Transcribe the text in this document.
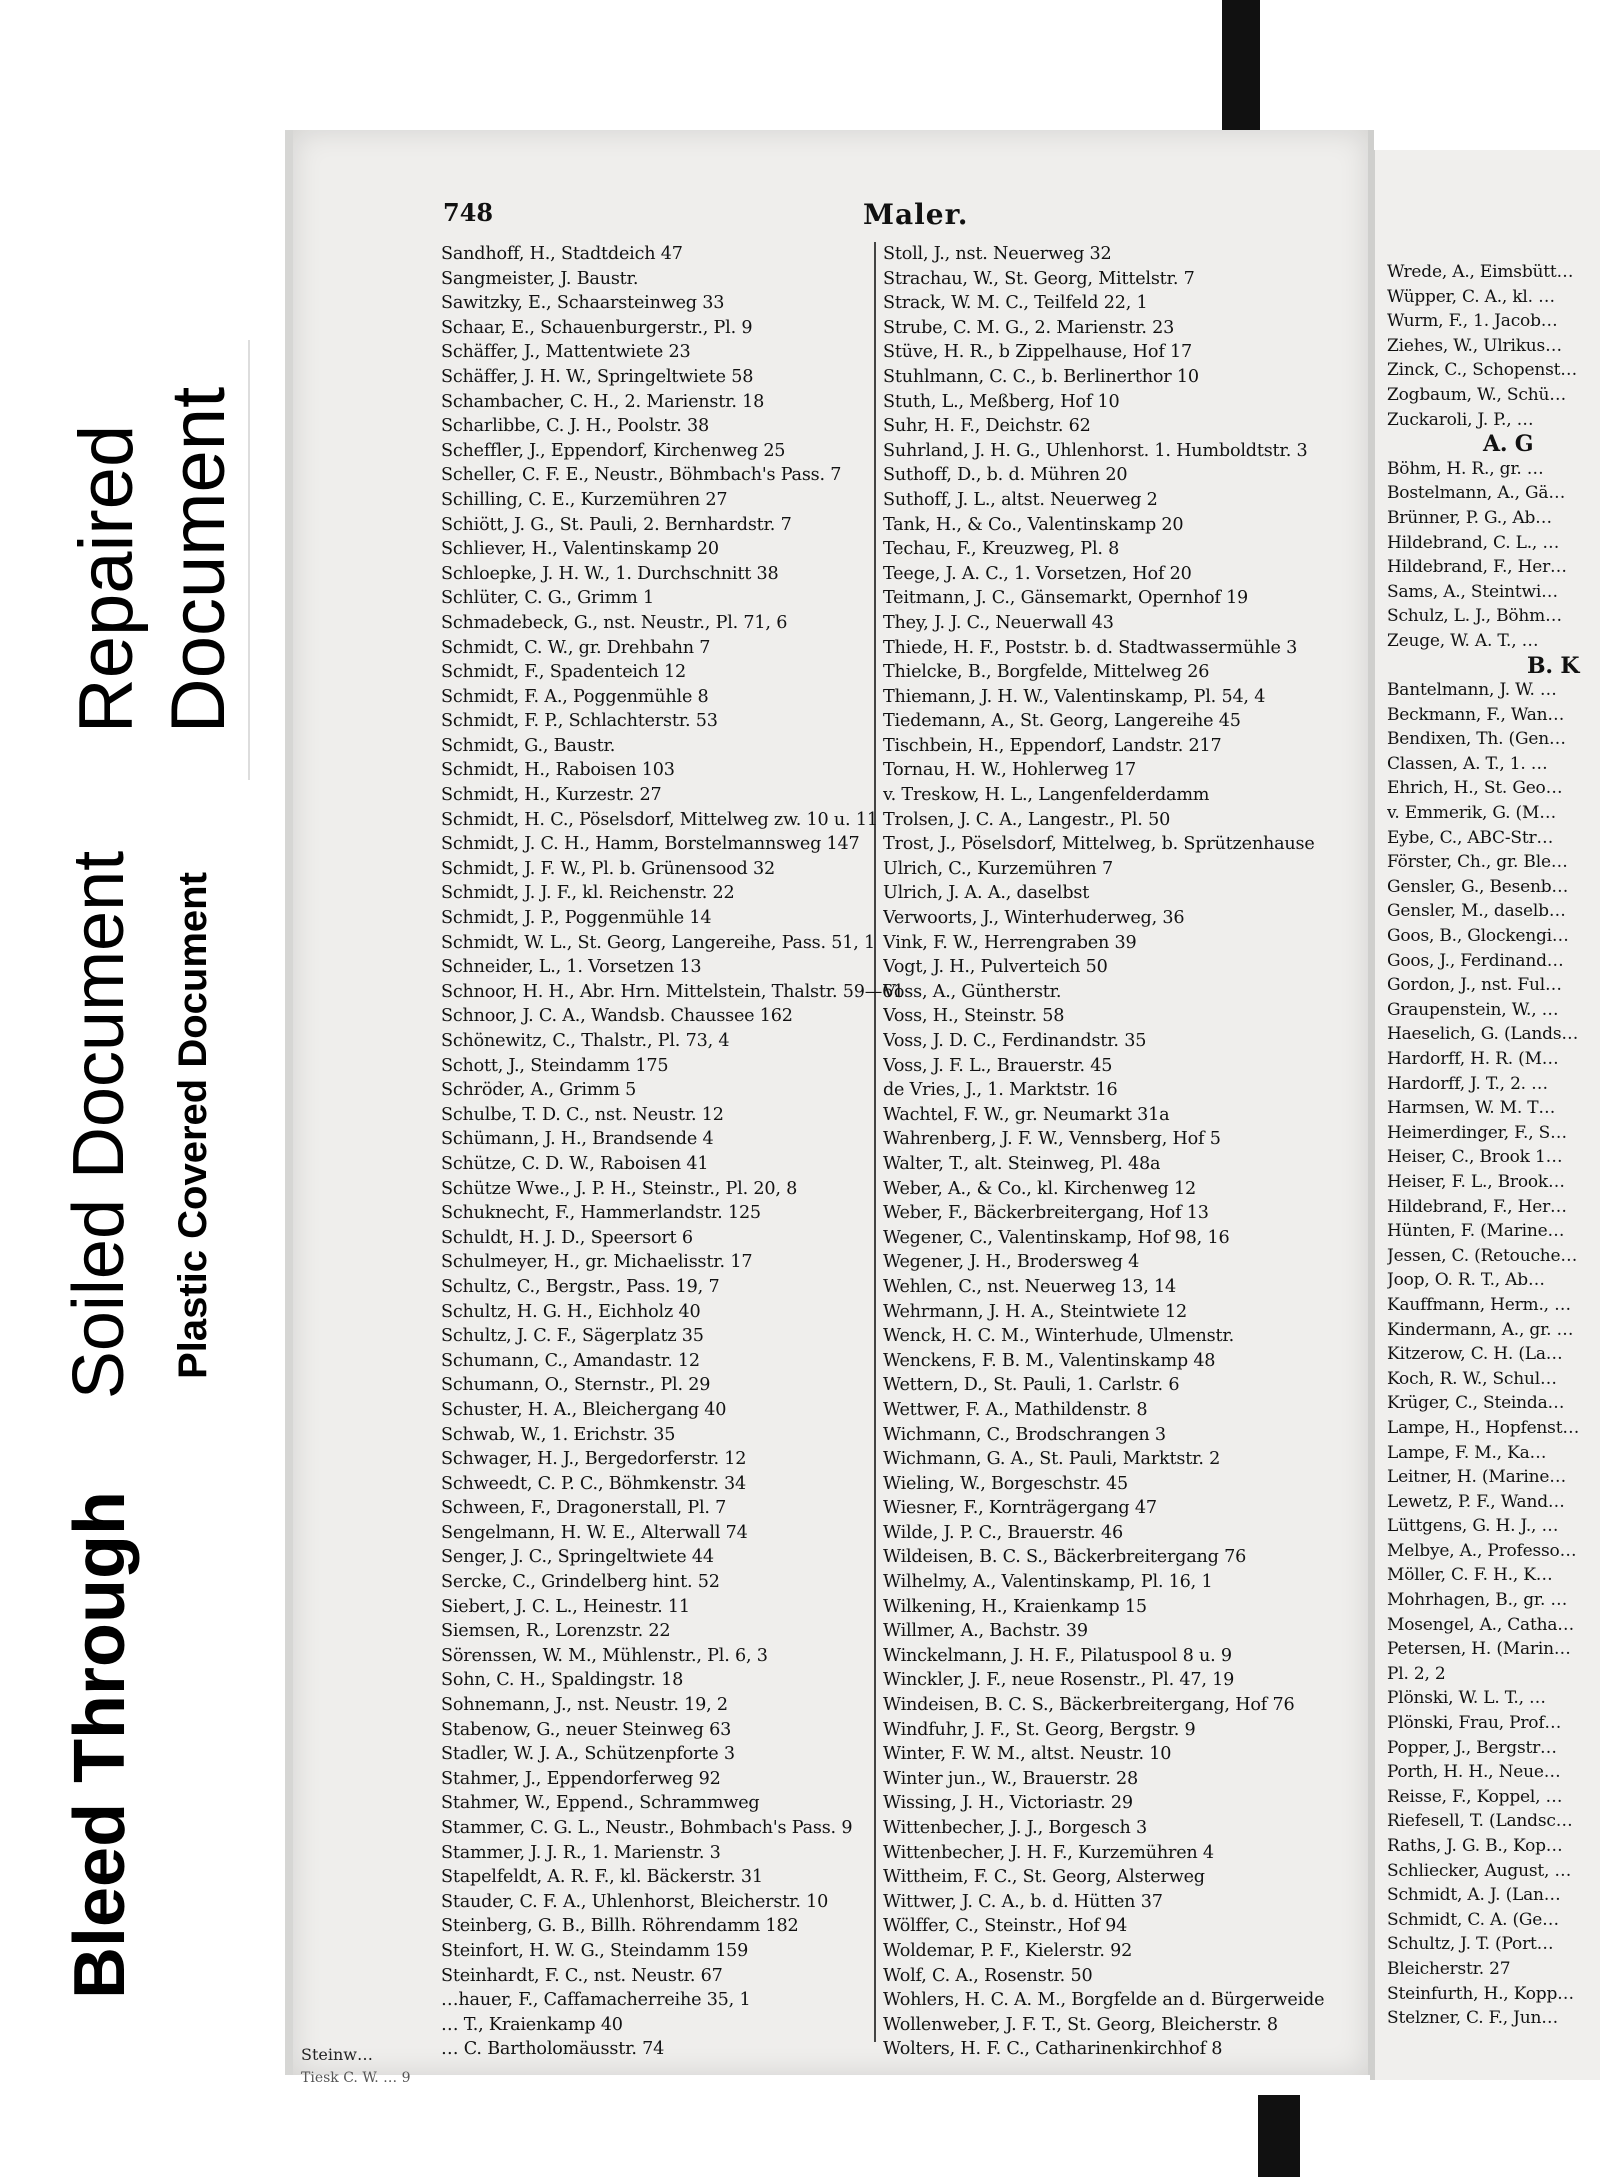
Repaired Document
Soiled Document Plastic Covered Document
Bleed Through
748	Maler.
Sandhoff, H., Stadtdeich 47
Sangmeister, J. Baustr.
Sawitzky, E., Schaarsteinweg 33
Schaar, E., Schauenburgerstr., Pl. 9
Schäffer, J., Mattentwiete 23
Schäffer, J. H. W., Springeltwiete 58
Schambacher, C. H., 2. Marienstr. 18
Scharlibbe, C. J. H., Poolstr. 38
Scheffler, J., Eppendorf, Kirchenweg 25
Scheller, C. F. E., Neustr., Böhmbach's Pass. 7
Schilling, C. E., Kurzemühren 27
Schiött, J. G., St. Pauli, 2. Bernhardstr. 7
Schliever, H., Valentinskamp 20
Schloepke, J. H. W., 1. Durchschnitt 38
Schlüter, C. G., Grimm 1
Schmadebeck, G., nst. Neustr., Pl. 71, 6
Schmidt, C. W., gr. Drehbahn 7
Schmidt, F., Spadenteich 12
Schmidt, F. A., Poggenmühle 8
Schmidt, F. P., Schlachterstr. 53
Schmidt, G., Baustr.
Schmidt, H., Raboisen 103
Schmidt, H., Kurzestr. 27
Schmidt, H. C., Pöselsdorf, Mittelweg zw. 10 u. 11
Schmidt, J. C. H., Hamm, Borstelmannsweg 147
Schmidt, J. F. W., Pl. b. Grünensood 32
Schmidt, J. J. F., kl. Reichenstr. 22
Schmidt, J. P., Poggenmühle 14
Schmidt, W. L., St. Georg, Langereihe, Pass. 51, 1
Schneider, L., 1. Vorsetzen 13
Schnoor, H. H., Abr. Hrn. Mittelstein, Thalstr. 59—61
Schnoor, J. C. A., Wandsb. Chaussee 162
Schönewitz, C., Thalstr., Pl. 73, 4
Schott, J., Steindamm 175
Schröder, A., Grimm 5
Schulbe, T. D. C., nst. Neustr. 12
Schümann, J. H., Brandsende 4
Schütze, C. D. W., Raboisen 41
Schütze Wwe., J. P. H., Steinstr., Pl. 20, 8
Schuknecht, F., Hammerlandstr. 125
Schuldt, H. J. D., Speersort 6
Schulmeyer, H., gr. Michaelisstr. 17
Schultz, C., Bergstr., Pass. 19, 7
Schultz, H. G. H., Eichholz 40
Schultz, J. C. F., Sägerplatz 35
Schumann, C., Amandastr. 12
Schumann, O., Sternstr., Pl. 29
Schuster, H. A., Bleichergang 40
Schwab, W., 1. Erichstr. 35
Schwager, H. J., Bergedorferstr. 12
Schweedt, C. P. C., Böhmkenstr. 34
Schween, F., Dragonerstall, Pl. 7
Sengelmann, H. W. E., Alterwall 74
Senger, J. C., Springeltwiete 44
Sercke, C., Grindelberg hint. 52
Siebert, J. C. L., Heinestr. 11
Siemsen, R., Lorenzstr. 22
Sörenssen, W. M., Mühlenstr., Pl. 6, 3
Sohn, C. H., Spaldingstr. 18
Sohnemann, J., nst. Neustr. 19, 2
Stabenow, G., neuer Steinweg 63
Stadler, W. J. A., Schützenpforte 3
Stahmer, J., Eppendorferweg 92
Stahmer, W., Eppend., Schrammweg
Stammer, C. G. L., Neustr., Bohmbach's Pass. 9
Stammer, J. J. R., 1. Marienstr. 3
Stapelfeldt, A. R. F., kl. Bäckerstr. 31
Stauder, C. F. A., Uhlenhorst, Bleicherstr. 10
Steinberg, G. B., Billh. Röhrendamm 182
Steinfort, H. W. G., Steindamm 159
Steinhardt, F. C., nst. Neustr. 67
…hauer, F., Caffamacherreihe 35, 1
… T., Kraienkamp 40
… C. Bartholomäusstr. 74
Stoll, J., nst. Neuerweg 32
Strachau, W., St. Georg, Mittelstr. 7
Strack, W. M. C., Teilfeld 22, 1
Strube, C. M. G., 2. Marienstr. 23
Stüve, H. R., b Zippelhause, Hof 17
Stuhlmann, C. C., b. Berlinerthor 10
Stuth, L., Meßberg, Hof 10
Suhr, H. F., Deichstr. 62
Suhrland, J. H. G., Uhlenhorst. 1. Humboldtstr. 3
Suthoff, D., b. d. Mühren 20
Suthoff, J. L., altst. Neuerweg 2
Tank, H., & Co., Valentinskamp 20
Techau, F., Kreuzweg, Pl. 8
Teege, J. A. C., 1. Vorsetzen, Hof 20
Teitmann, J. C., Gänsemarkt, Opernhof 19
They, J. J. C., Neuerwall 43
Thiede, H. F., Poststr. b. d. Stadtwassermühle 3
Thielcke, B., Borgfelde, Mittelweg 26
Thiemann, J. H. W., Valentinskamp, Pl. 54, 4
Tiedemann, A., St. Georg, Langereihe 45
Tischbein, H., Eppendorf, Landstr. 217
Tornau, H. W., Hohlerweg 17
v. Treskow, H. L., Langenfelderdamm
Trolsen, J. C. A., Langestr., Pl. 50
Trost, J., Pöselsdorf, Mittelweg, b. Sprützenhause
Ulrich, C., Kurzemühren 7
Ulrich, J. A. A., daselbst
Verwoorts, J., Winterhuderweg, 36
Vink, F. W., Herrengraben 39
Vogt, J. H., Pulverteich 50
Voss, A., Güntherstr.
Voss, H., Steinstr. 58
Voss, J. D. C., Ferdinandstr. 35
Voss, J. F. L., Brauerstr. 45
de Vries, J., 1. Marktstr. 16
Wachtel, F. W., gr. Neumarkt 31a
Wahrenberg, J. F. W., Vennsberg, Hof 5
Walter, T., alt. Steinweg, Pl. 48a
Weber, A., & Co., kl. Kirchenweg 12
Weber, F., Bäckerbreitergang, Hof 13
Wegener, C., Valentinskamp, Hof 98, 16
Wegener, J. H., Brodersweg 4
Wehlen, C., nst. Neuerweg 13, 14
Wehrmann, J. H. A., Steintwiete 12
Wenck, H. C. M., Winterhude, Ulmenstr.
Wenckens, F. B. M., Valentinskamp 48
Wettern, D., St. Pauli, 1. Carlstr. 6
Wettwer, F. A., Mathildenstr. 8
Wichmann, C., Brodschrangen 3
Wichmann, G. A., St. Pauli, Marktstr. 2
Wieling, W., Borgeschstr. 45
Wiesner, F., Kornträgergang 47
Wilde, J. P. C., Brauerstr. 46
Wildeisen, B. C. S., Bäckerbreitergang 76
Wilhelmy, A., Valentinskamp, Pl. 16, 1
Wilkening, H., Kraienkamp 15
Willmer, A., Bachstr. 39
Winckelmann, J. H. F., Pilatuspool 8 u. 9
Winckler, J. F., neue Rosenstr., Pl. 47, 19
Windeisen, B. C. S., Bäckerbreitergang, Hof 76
Windfuhr, J. F., St. Georg, Bergstr. 9
Winter, F. W. M., altst. Neustr. 10
Winter jun., W., Brauerstr. 28
Wissing, J. H., Victoriastr. 29
Wittenbecher, J. J., Borgesch 3
Wittenbecher, J. H. F., Kurzemühren 4
Wittheim, F. C., St. Georg, Alsterweg
Wittwer, J. C. A., b. d. Hütten 37
Wölffer, C., Steinstr., Hof 94
Woldemar, P. F., Kielerstr. 92
Wolf, C. A., Rosenstr. 50
Wohlers, H. C. A. M., Borgfelde an d. Bürgerweide
Wollenweber, J. F. T., St. Georg, Bleicherstr. 8
Wolters, H. F. C., Catharinenkirchhof 8
Steinw…
Tiesk C. W. … 9
Wrede, A., Eimsbütt…
Wüpper, C. A., kl. …
Wurm, F., 1. Jacob…
Ziehes, W., Ulrikus…
Zinck, C., Schopenst…
Zogbaum, W., Schü…
Zuckaroli, J. P., …
A. G
Böhm, H. R., gr. …
Bostelmann, A., Gä…
Brünner, P. G., Ab…
Hildebrand, C. L., …
Hildebrand, F., Her…
Sams, A., Steintwi…
Schulz, L. J., Böhm…
Zeuge, W. A. T., …
B. K
Bantelmann, J. W. …
Beckmann, F., Wan…
Bendixen, Th. (Gen…
Classen, A. T., 1. …
Ehrich, H., St. Geo…
v. Emmerik, G. (M…
Eybe, C., ABC-Str…
Förster, Ch., gr. Ble…
Gensler, G., Besenb…
Gensler, M., daselb…
Goos, B., Glockengi…
Goos, J., Ferdinand…
Gordon, J., nst. Ful…
Graupenstein, W., …
Haeselich, G. (Lands…
Hardorff, H. R. (M…
Hardorff, J. T., 2. …
Harmsen, W. M. T…
Heimerdinger, F., S…
Heiser, C., Brook 1…
Heiser, F. L., Brook…
Hildebrand, F., Her…
Hünten, F. (Marine…
Jessen, C. (Retouche…
Joop, O. R. T., Ab…
Kauffmann, Herm., …
Kindermann, A., gr. …
Kitzerow, C. H. (La…
Koch, R. W., Schul…
Krüger, C., Steinda…
Lampe, H., Hopfenst…
Lampe, F. M., Ka…
Leitner, H. (Marine…
Lewetz, P. F., Wand…
Lüttgens, G. H. J., …
Melbye, A., Professo…
Möller, C. F. H., K…
Mohrhagen, B., gr. …
Mosengel, A., Catha…
Petersen, H. (Marin…
Pl. 2, 2
Plönski, W. L. T., …
Plönski, Frau, Prof…
Popper, J., Bergstr…
Porth, H. H., Neue…
Reisse, F., Koppel, …
Riefesell, T. (Landsc…
Raths, J. G. B., Kop…
Schliecker, August, …
Schmidt, A. J. (Lan…
Schmidt, C. A. (Ge…
Schultz, J. T. (Port…
Bleicherstr. 27
Steinfurth, H., Kopp…
Stelzner, C. F., Jun…
